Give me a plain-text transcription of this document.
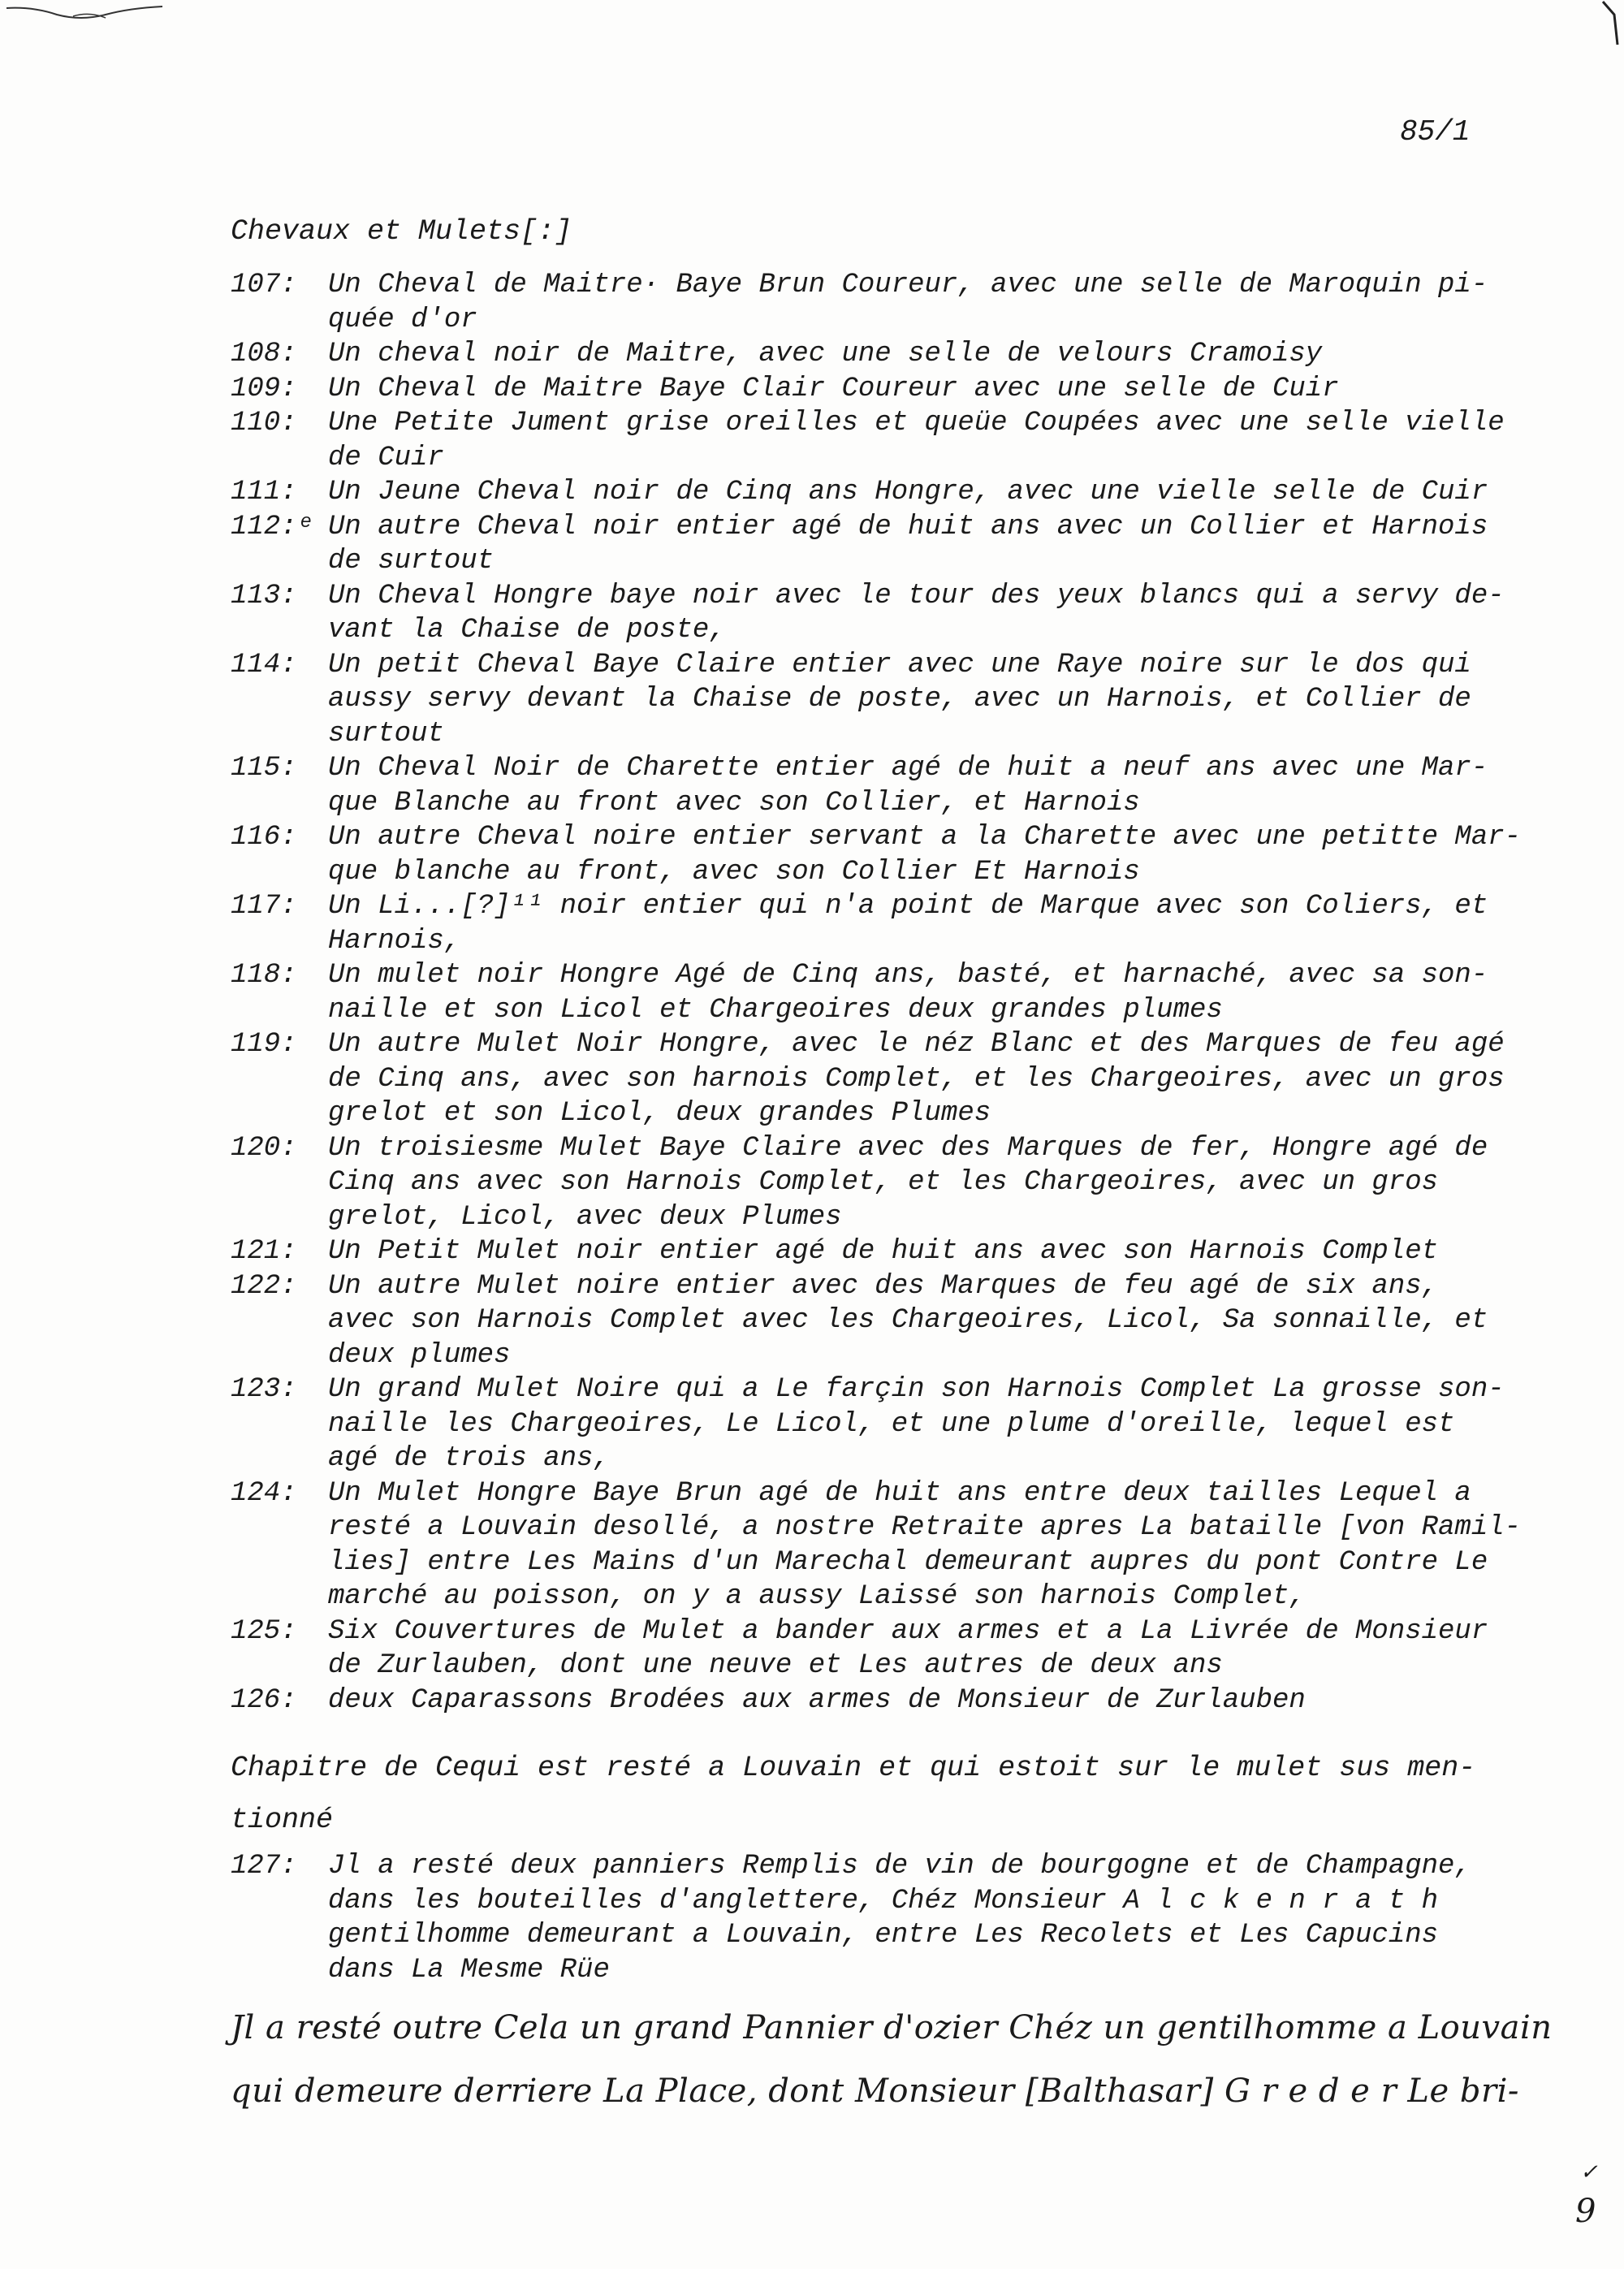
85/1
Chevaux et Mulets[:]
107:	Un Cheval de Maitre· Baye Brun Coureur, avec une selle de Maroquin pi-
quée d'or
108:	Un cheval noir de Maitre, avec une selle de velours Cramoisy
109:	Un Cheval de Maitre Baye Clair Coureur avec une selle de Cuir
110:	Une Petite Jument grise oreilles et queüe Coupées avec une selle vielle
de Cuir
111:	Un Jeune Cheval noir de Cinq ans Hongre, avec une vielle selle de Cuir
112:ᵉ Un autre Cheval noir entier agé de huit ans avec un Collier et Harnois
de surtout
113:	Un Cheval Hongre baye noir avec le tour des yeux blancs qui a servy de-
vant la Chaise de poste,
114:	Un petit Cheval Baye Claire entier avec une Raye noire sur le dos qui
aussy servy devant la Chaise de poste, avec un Harnois, et Collier de
surtout
115:	Un Cheval Noir de Charette entier agé de huit a neuf ans avec une Mar-
que Blanche au front avec son Collier, et Harnois
116:	Un autre Cheval noire entier servant a la Charette avec une petitte Mar-
que blanche au front, avec son Collier Et Harnois
117:	Un Li...[?]¹¹ noir entier qui n'a point de Marque avec son Coliers, et
Harnois,
118:	Un mulet noir Hongre Agé de Cinq ans, basté, et harnaché, avec sa son-
naille et son Licol et Chargeoires deux grandes plumes
119:	Un autre Mulet Noir Hongre, avec le néz Blanc et des Marques de feu agé
de Cinq ans, avec son harnois Complet, et les Chargeoires, avec un gros
grelot et son Licol, deux grandes Plumes
120:	Un troisiesme Mulet Baye Claire avec des Marques de fer, Hongre agé de
Cinq ans avec son Harnois Complet, et les Chargeoires, avec un gros
grelot, Licol, avec deux Plumes
121:	Un Petit Mulet noir entier agé de huit ans avec son Harnois Complet
122:	Un autre Mulet noire entier avec des Marques de feu agé de six ans,
avec son Harnois Complet avec les Chargeoires, Licol, Sa sonnaille, et
deux plumes
123:	Un grand Mulet Noire qui a Le farçin son Harnois Complet La grosse son-
naille les Chargeoires, Le Licol, et une plume d'oreille, lequel est
agé de trois ans,
124:	Un Mulet Hongre Baye Brun agé de huit ans entre deux tailles Lequel a
resté a Louvain desollé, a nostre Retraite apres La bataille [von Ramil-
lies] entre Les Mains d'un Marechal demeurant aupres du pont Contre Le
marché au poisson, on y a aussy Laissé son harnois Complet,
125:	Six Couvertures de Mulet a bander aux armes et a La Livrée de Monsieur
de Zurlauben, dont une neuve et Les autres de deux ans
126:	deux Caparassons Brodées aux armes de Monsieur de Zurlauben
Chapitre de Cequi est resté a Louvain et qui estoit sur le mulet sus men-
tionné
127:	Jl a resté deux panniers Remplis de vin de bourgogne et de Champagne,
dans les bouteilles d'anglettere, Chéz Monsieur A l c k e n r a t h
gentilhomme demeurant a Louvain, entre Les Recolets et Les Capucins
dans La Mesme Rüe
Jl a resté outre Cela un grand Pannier d'ozier Chéz un gentilhomme a Louvain
qui demeure derriere La Place, dont Monsieur [Balthasar] G r e d e r Le bri-
✓
9
